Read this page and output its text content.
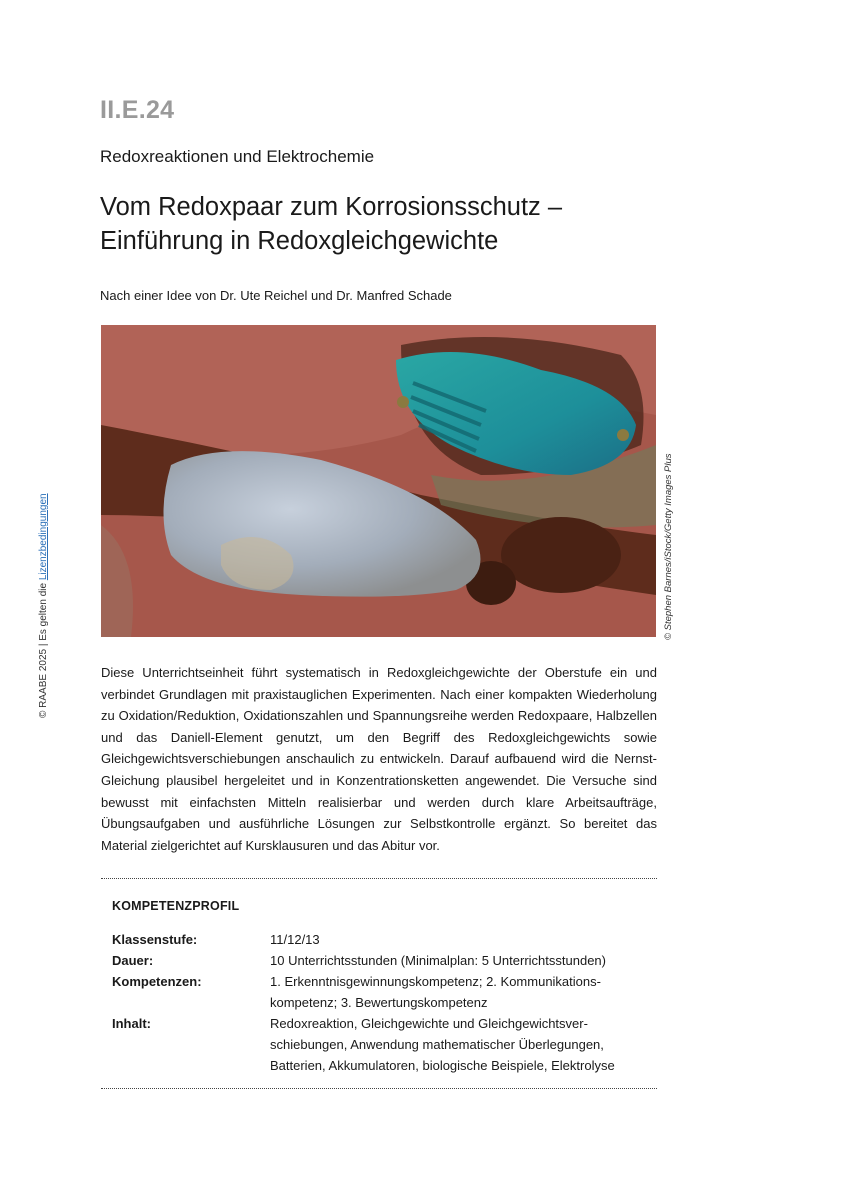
II.E.24
Redoxreaktionen und Elektrochemie
Vom Redoxpaar zum Korrosionsschutz –
Einführung in Redoxgleichgewichte
Nach einer Idee von Dr. Ute Reichel und Dr. Manfred Schade
© Stephen Barnes/iStock/Getty Images Plus
© RAABE 2025 | Es gelten die Lizenzbedingungen
Diese Unterrichtseinheit führt systematisch in Redoxgleichgewichte der Oberstufe ein und verbindet Grundlagen mit praxistauglichen Experimenten. Nach einer kompakten Wiederholung zu Oxidation/Reduktion, Oxidationszahlen und Spannungsreihe werden Redoxpaare, Halbzellen und das Daniell-Element genutzt, um den Begriff des Redoxgleichgewichts sowie Gleichgewichtsverschiebungen anschaulich zu entwickeln. Darauf aufbauend wird die Nernst-Gleichung plausibel hergeleitet und in Konzentrationsketten angewendet. Die Versuche sind bewusst mit einfachsten Mitteln realisierbar und werden durch klare Arbeitsaufträge, Übungsaufgaben und ausführliche Lösungen zur Selbstkontrolle ergänzt. So bereitet das Material zielgerichtet auf Kursklausuren und das Abitur vor.
KOMPETENZPROFIL
Klassenstufe:	11/12/13
Dauer:	10 Unterrichtsstunden (Minimalplan: 5 Unterrichtsstunden)
Kompetenzen:	1. Erkenntnisgewinnungskompetenz; 2. Kommunikations-kompetenz; 3. Bewertungskompetenz
Inhalt:	Redoxreaktion, Gleichgewichte und Gleichgewichtsver-schiebungen, Anwendung mathematischer Überlegungen, Batterien, Akkumulatoren, biologische Beispiele, Elektrolyse
